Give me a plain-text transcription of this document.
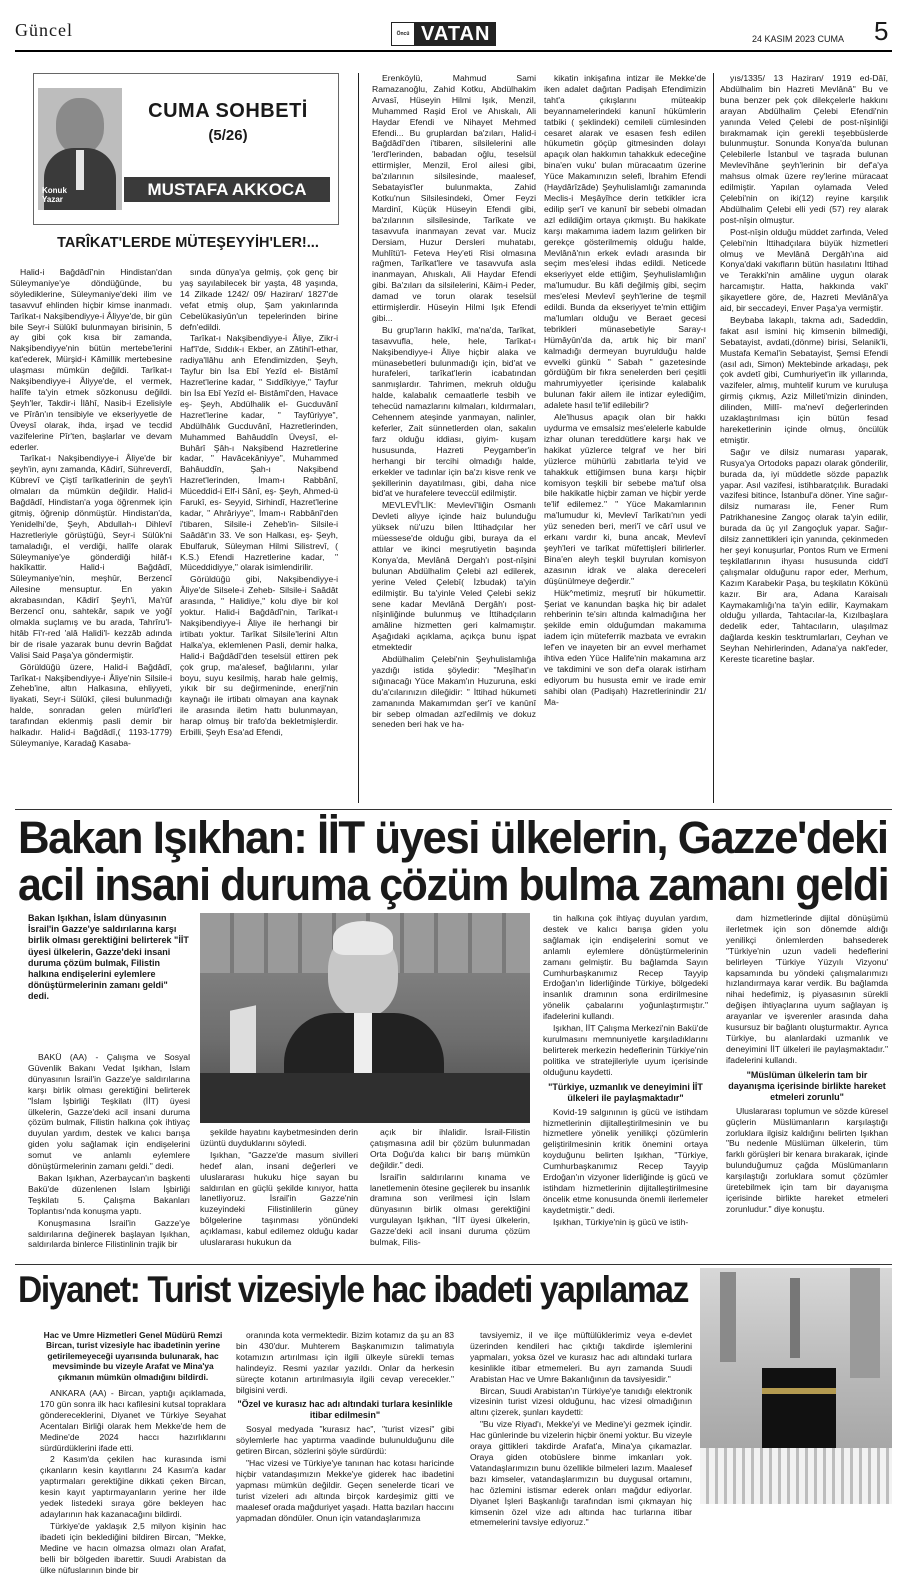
Güncel	Öncü VATAN	24 KASIM 2023 CUMA 5
Konuk
Yazar
CUMA SOHBETİ
(5/26)
MUSTAFA AKKOCA
TARÎKAT'LERDE MÜTEŞEYYİH'LER!...

Halid-i Bağdâdî'nin Hindistan'dan Süleymaniye'ye döndüğünde, bu söylediklerine, Süleymaniye'deki ilim ve tasavvuf ehlinden hiçbir kimse inanmadı. Tarîkat-ı Nakşibendiyye-i Âliyye'de, bir gün bile Seyr-i Sülûkî bulunmayan birisinin, 5 ay gibi çok kısa bir zamanda, Nakşibendiyye'nin bütün mertebe'lerini kat'ederek, Mürşid-i Kâmillik mertebesine ulaşması mümkün değildi. Tarîkat-ı Nakşibendiyye-i Âliyye'de, el vermek, halîfe ta'yin etmek sözkonusu değildi. Şeyh'ler, Takdir-i İlâhî, Nasib-i Ezelisiyle ve Pîrân'ın tensibiyle ve ekseriyyetle de Üveysî olarak, ihda, irşad ve tecdid vazifelerine Pîr'ten, başlarlar ve devam ederler.

Tarîkat-ı Nakşibendiyye-i Âliye'de bir şeyh'in, aynı zamanda, Kâdirî, Sühreverdî, Kübrevî ve Çiştî tarîkatlerinin de şeyh'i olmaları da mümkün değildir. Halid-i Bağdâdî, Hindistan'a yoga öğrenmek için gitmiş, öğrenip dönmüştür. Hindistan'da, Yenidelhi'de, Şeyh, Abdullah-ı Dihlevî Hazretleriyle görüştüğü, Seyr-i Sülûk'ni tamaladığı, el verdiği, halîfe olarak Süleymaniye'ye gönderdiği hilâf-ı hakîkattir. Halid-i Bağdâdî, Süleymaniye'nin, meşhûr, Berzencî Ailesine mensuptur. En yakın akrabasından, Kâdirî Şeyh'i, Ma'rûf Berzencî onu, sahtekâr, sapık ve yoğî olmakla suçlamış ve bu arada, Tahrîru'l- hitâb Fî'r-red 'alâ Halidi'l- kezzâb adında bir de risale yazarak bunu devrin Bağdat Valisi Said Paşa'ya göndermiştir.

Görüldüğü üzere, Halid-i Bağdâdî, Tarîkat-ı Nakşibendiyye-i Âliye'nin Silsile-i Zeheb'ine, altın Halkasına, ehliyyeti, liyakati, Seyr-i Sülûkî, çilesi bulunmadığı halde, sonradan gelen mürîd'leri tarafından eklenmiş pasli demir bir halkadır. Halid-i Bağdâdî,( 1193-1779) Süleymaniye, Karadağ Kasaba-

sında dünya'ya gelmiş, çok genç bir yaş sayılabilecek bir yaşta, 48 yaşında, 14 Zilkade 1242/ 09/ Haziran/ 1827'de vefat etmiş olup, Şam yakınlarında Cebelükasiyûn'un tepelerinden birine defn'edildi.

Tarîkat-ı Nakşibendiyye-i Âliye, Zikr-i Haf'î'de, Sıddık-ı Ekber, an Zâtihi'l-ethar, radiya'llâhu anh Efendimizden, Şeyh, Tayfur bin İsa Ebî Yezîd el- Bistâmî Hazret'lerine kadar, " Sıddîkiyye," Tayfur bin İsa Ebî Yezîd el- Bistâmî'den, Havace eş- Şeyh, Abdülhalik el- Gucduvânî Hazret'lerine kadar, " Tayfûriyye", Abdülhâlık Gucduvânî, Hazretlerinden, Muhammed Bahâuddîn Üveysî, el- Buhârî Şâh-ı Nakşibend Hazretlerine kadar, " Havâcekâniyye", Muhammed Bahâuddîn, Şah-ı Nakşibend Hazret'lerinden, İmam-ı Rabbânî, Müceddid-i Elf-i Sânî, eş- Şeyh, Ahmed-ü Farukî, es- Seyyid, Sirhindî, Hazret'lerine kadar, " Ahrâriyye", İmam-ı Rabbânî'den i'tibaren, Silsile-i Zeheb'in- Silsile-i Saâdât'ın 33. Ve son Halkası, eş- Şeyh, Ebulfaruk, Süleyman Hilmi Silistrevî, ( K.S.) Efendi Hazretlerine kadar, " Müceddidiyye," olarak isimlendirilir.

Görüldüğü gibi, Nakşibendiyye-i Âliye'de Silsele-i Zeheb- Silsile-i Saâdât arasında, " Halidiye," kolu diye bir kol yoktur. Halid-i Bağdâdî'nin, Tarîkat-ı Nakşibendiyye-i Âliye ile herhangi bir irtibatı yoktur. Tarîkat Silsile'lerini Altın Halka'ya, eklemlenen Pasli, demir halka, Halid-i Bağdâdî'den teselsül ettiren pek çok grup, ma'alesef, bağlılarını, yılar boyu, suyu kesilmiş, harab hale gelmiş, yıkık bir su değirmeninde, enerji'nin kaynağı ile irtibatı olmayan ana kaynak ile arasında iletim hattı bulunmayan, harap olmuş bir trafo'da bekletmişlerdir. Erbilli, Şeyh Esa'ad Efendi,

Erenköylü, Mahmud Sami Ramazanoğlu, Zahid Kotku, Abdülhakim Arvasî, Hüseyin Hilmi Işık, Menzil, Muhammed Raşid Erol ve Ahıskalı, Ali Haydar Efendi ve Nihayet Mehmed Efendi... Bu gruplardan ba'zıları, Halid-i Bağdâdî'den i'tibaren, silsilelerini alle 'lerd'lerinden, babadan oğlu, teselsül ettirmişler, Menzil, Erol ailesi gibi, ba'zılarının silsilesinde, maalesef, Sebatayist'ler bulunmakta, Zahid Kotku'nun Silsilesindeki, Ömer Feyzi Mardinî, Küçük Hüseyin Efendi gibi, ba'zılarının silsilesinde, Tarîkate ve tasavvufa inanmayan zevat var. Muciz Dersiam, Huzur Dersleri muhatabı, Muhlîtü'l- Feteva Hey'eti Risi olmasına rağmen, Tarîkat'lere ve tasavvufa asla inanmayan, Ahıskalı, Ali Haydar Efendi gibi. Ba'zıları da silsilelerini, Kâim-i Peder, damad ve torun olarak teselsül ettirmişlerdir. Hüseyin Hilmi Işık Efendi gibi...

Bu grup'ların hakîkî, ma'na'da, Tarîkat, tasavvufla, hele, hele, Tarîkat-ı Nakşibendiyye-i Âliye hiçbir alaka ve münasebetleri bulunmadığı için, bid'at ve hurafeleri, tarîkat'lerin icabatından sanmışlardır. Tahrimen, mekruh olduğu halde, kalabalık cemaatlerle tesbih ve tehecüd namazlarını kılmaları, kıldırmaları, Cehennem ateşinde yanmayan, nalinler, keferler, Zait sünnetlerden olan, sakalın farz olduğu iddiası, giyim- kuşam hususunda, Hazreti Peygamber'in herhangi bir tercihi olmadığı halde, erkekler ve tadınlar için ba'zı kisve renk ve şekillerinin dayatılması, gibi, daha nice bid'at ve hurafelere teveccül edilmiştir.

MEVLEVÎ'LİK: Mevlevî'liğin Osmanlı Devleti aliyye içinde haiz bulunduğu yüksek nü'uzu bilen İttihadçılar her müessese'de olduğu gibi, buraya da el attılar ve ikinci meşrutiyetin başında Konya'da, Mevlânâ Dergah'ı post-nîşini bulunan Abdülhalim Çelebi azl edilerek, yerine Veled Çelebî( İzbudak) ta'yin edilmiştir. Bu ta'yinle Veled Çelebi sekiz sene kadar Mevlânâ Dergâh'ı post- nîşinliğinde bulunmuş ve İttihadçıların amâline hizmetten geri kalmamıştır. Aşağıdaki açıklama, açıkça bunu işpat etmektedir

Abdülhalim Çelebi'nin Şeyhulislamlığa yazdığı istida şöyledir: "Meşîhat'ın sığınacağı Yüce Makam'ın Huzuruna, eski du'a'cılarınızın dileğidir: " İttihad hükumeti zamanında Makamımdan şer'î ve kanûnî bir sebep olmadan azl'edilmiş ve dokuz seneden beri hak ve ha-

kikatin inkişafına intizar ile Mekke'de iken adalet dağıtan Padişah Efendimizin taht'a çıkışlarını müteakip beyannamelerindeki kanunî hükümlerin tatbiki ( şeklindeki) cemileli cümlesinden cesaret alarak ve esasen fesh edilen hükumetin göçüp gitmesinden dolayı apaçık olan hakkımın tahakkuk edeceğine bina'en vuku' bulan müracaatım üzerine Yüce Makamınızın selefi, İbrahim Efendi (Haydârîzâde) Şeyhulislamlığı zamanında Meclis-i Meşâyîhce derin tetkikler icra edilip şer'î ve kanunî bir sebebi olmadan azl edildiğim ortaya çıkmıştı. Bu hakikate karşı makamıma iadem lazım gelirken bir gerekçe gösterilmemiş olduğu halde, Mevlânâ'nın erkek evladı arasında bir seçim mes'elesi ihdas edildi. Neticede ekseriyyet elde ettiğim, Şeyhulislamlığın ma'lumudur. Bu kâfi değilmiş gibi, seçim mes'elesi Mevlevî şeyh'lerine de teşmil edildi. Bunda da ekseriyyet te'min ettiğim ma'lumları olduğu ve Beraet gecesi tebrikleri münasebetiyle Saray-ı Hümâyûn'da da, artık hiç bir mani' kalmadığı dermeyan buyrulduğu halde evvelki günkü " Sabah " gazetesinde gördüğüm bir fıkra senelerden beri çeşitli mahrumiyyetler içerisinde kalabalık bulunan fakir ailem ile intizar eylediğim, adalete hasıl te'lif edilebilir?

Ale'lhusus apaçık olan bir hakkı uydurma ve emsalsiz mes'elelerle kabulde izhar olunan tereddütlere karşı hak ve hakikat yüzlerce telgraf ve her biri yüzlerce mühürlü zabıtlarla te'yid ve tahakkuk ettiğimsen buna karşı hiçbir komisyon teşkili bir sebebe ma'tuf olsa bile hakikatle hiçbir zaman ve hiçbir yerde te'lif edilemez." " Yüce Makamlarının ma'lumudur ki, Mevlevî Tarîkatı'nın yedi yüz seneden beri, meri'î ve cârî usul ve erkanı vardır ki, buna ancak, Mevlevî şeyh'leri ve tarîkat müfettişleri bilirlerler. Bina'en aleyh teşkil buyrulan komisyon azasının idrak ve alaka dereceleri düşünülmeye değerdir."

Hük^metimiz, meşrutî bir hükumettir. Şeriat ve kanundan başka hiç bir adalet rehberinin te'sirı altında kalmadığına her şekilde emin olduğumdan makamıma iadem için müteferrik mazbata ve evrakın lef'en ve inayeten bir an evvel merhamet ihtiva eden Yüce Halife'nin makamına arz ve takdimini ve son def'a olarak istirham ediyorum bu hususta emir ve irade emir sahibi olan (Padişah) Hazretlerinindir 21/ Ma-

yıs/1335/ 13 Haziran/ 1919 ed-Dâî, Abdülhalim bin Hazreti Mevlânâ" Bu ve buna benzer pek çok dilekçelerle hakkını arayan Abdülhalim Çelebi Efendi'nin yanında Veled Çelebi de post-nîşinliği bırakmamak için gerekli teşebbüslerde bulunmuştur. Sonunda Konya'da bulunan Çelebilerle İstanbul ve taşrada bulunan Mevlevîhâne şeyh'lerinin bir def'a'ya mahsus olmak üzere rey'lerine müracaat edilmiştir. Yapılan oylamada Veled Çelebi'nin on iki(12) reyine karşılık Abdülhalim Çelebi elli yedi (57) rey alarak post-nîşin olmuştur.

Post-nîşin olduğu müddet zarfında, Veled Çelebi'nin İttihadçılara büyük hizmetleri olmuş ve Mevlânâ Dergâh'ına aid Konya'daki vakıfların bütün hasılatını İttihad ve Terakki'nin amâline uygun olarak harcamıştır. Hatta, hakkında vakî' şikayetlere göre, de, Hazreti Mevlânâ'ya aid, bir seccadeyi, Enver Paşa'ya vermiştir.

Beybaba lakaplı, takma adı, Sadeddin, fakat asıl ismini hiç kimsenin bilmediği, Sebatayist, avdati,(dönme) birisi, Selanik'li, Mustafa Kemal'in Sebatayist, Şemsi Efendi (asıl adı, Simon) Mektebinde arkadaşı, pek çok avdetî gibi, Cumhuriyet'in ilk yıllarında, vazifeler, almış, muhtelif kurum ve kuruluşa girmiş çıkmış, Aziz Milleti'mizin dininden, dilinden, Millî- ma'nevî değerlerinden uzaklaştırılması için bütün fesad hareketlerinin içinde olmuş, öncülük etmiştir.

Sağır ve dilsiz numarası yaparak, Rusya'ya Ortodoks papazı olarak gönderilir, burada da, iyi müddetle sözde papazlık yapar. Asıl vazifesi, istihbaratçılık. Buradaki vazifesi bitince, İstanbul'a döner. Yine sağır-dilsiz numarası ile, Fener Rum Patrikhanesine Zangoç olarak ta'yin edilir, burada da üç yıl Zangoçluk yapar. Sağır-dilsiz zannettikleri için yanında, çekinmeden her şeyi konuşurlar, Pontos Rum ve Ermeni teşkilatlarının ihyası hususunda cidd'î çalışmalar olduğunu rapor eder, Merhum, Kazım Karabekir Paşa, bu teşkilatın Kökünü kazır. Bir ara, Adana Karaisalı Kaymakamlığı'na ta'yin edilir, Kaymakam olduğu yıllarda, Tahtacılar-la, Kızılbaşlara dedelik eder, Tahtacıların, ulaşılmaz dağlarda keskin tesktrumlarları, Ceyhan ve Seyhan Nehirlerinden, Adana'ya nakl'eder, Kereste ticaretine başlar.

Bakan Işıkhan: İİT üyesi ülkelerin, Gazze'deki
acil insani duruma çözüm bulma zamanı geldi
Bakan Işıkhan, İslam dünyasının İsrail'in Gazze'ye saldırılarına karşı birlik olması gerektiğini belirterek "İİT üyesi ülkelerin, Gazze'deki insani duruma çözüm bulmak, Filistin halkına endişelerini eylemlere dönüştürmelerinin zamanı geldi" dedi.

BAKÜ (AA) - Çalışma ve Sosyal Güvenlik Bakanı Vedat Işıkhan, İslam dünyasının İsrail'in Gazze'ye saldırılarına karşı birlik olması gerektiğini belirterek "İslam İşbirliği Teşkilatı (İİT) üyesi ülkelerin, Gazze'deki acil insani duruma çözüm bulmak, Filistin halkına çok ihtiyaç duyulan yardım, destek ve kalıcı barışa giden yolu sağlamak için endişelerini somut ve anlamlı eylemlere dönüştürmelerinin zamanı geldi." dedi.

Bakan Işıkhan, Azerbaycan'ın başkenti Bakü'de düzenlenen İslam İşbirliği Teşkilatı 5. Çalışma Bakanları Toplantısı'nda konuşma yaptı.

Konuşmasına İsrail'in Gazze'ye saldırılarına değinerek başlayan Işıkhan, saldırılarda binlerce Filistinlinin trajik bir

şekilde hayatını kaybetmesinden derin üzüntü duyduklarını söyledi.

Işıkhan, "Gazze'de masum sivilleri hedef alan, insani değerleri ve uluslararası hukuku hiçe sayan bu saldırılan en güçlü şekilde kınıyor, hatta lanetliyoruz. İsrail'in Gazze'nin kuzeyindeki Filistinlilerin güney bölgelerine taşınması yönündeki açıklaması, kabul edilemez olduğu kadar uluslararası hukukun da

açık bir ihlalidir. İsrail-Filistin çatışmasına adil bir çözüm bulunmadan Orta Doğu'da kalıcı bir barış mümkün değildir." dedi.

İsrail'in saldırılarını kınama ve lanetlemenin ötesine geçilerek bu insanlık dramına son verilmesi için İslam dünyasının birlik olması gerektiğini vurgulayan Işıkhan, "İİT üyesi ülkelerin, Gazze'deki acil insani duruma çözüm bulmak, Filis-

tin halkına çok ihtiyaç duyulan yardım, destek ve kalıcı barışa giden yolu sağlamak için endişelerini somut ve anlamlı eylemlere dönüştürmelerinin zamanı gelmiştir. Bu bağlamda Sayın Cumhurbaşkanımız Recep Tayyip Erdoğan'ın liderliğinde Türkiye, bölgedeki insanlık dramının sona erdirilmesine yönelik çabalarını yoğunlaştırmıştır." ifadelerini kullandı.

Işıkhan, İİT Çalışma Merkezi'nin Bakü'de kurulmasını memnuniyetle karşıladıklarını belirterek merkezin hedeflerinin Türkiye'nin politika ve stratejileriyle uyum içerisinde olduğunu kaydetti.

"Türkiye, uzmanlık ve deneyimini İİT ülkeleri ile paylaşmaktadır"

Kovid-19 salgınının iş gücü ve istihdam hizmetlerinin dijitalleştirilmesinin ve bu hizmetlere yönelik yenilikçi çözümlerin geliştirilmesinin kritik önemini ortaya koyduğunu belirten Işıkhan, "Türkiye, Cumhurbaşkanımız Recep Tayyip Erdoğan'ın vizyoner liderliğinde iş gücü ve istihdam hizmetlerinin dijitalleştirilmesine öncelik etme konusunda önemli ilerlemeler kaydetmiştir." dedi.

Işıkhan, Türkiye'nin iş gücü ve istih-

dam hizmetlerinde dijital dönüşümü ilerletmek için son dönemde aldığı yenilikçi önlemlerden bahsederek "Türkiye'nin uzun vadeli hedeflerini belirleyen 'Türkiye Yüzyılı Vizyonu' kapsamında bu yöndeki çalışmalarımızı hızlandırmaya karar verdik. Bu bağlamda nihai hedefimiz, iş piyasasının sürekli değişen ihtiyaçlarına uyum sağlayan iş arayanlar ve işverenler arasında daha kusursuz bir bağlantı oluşturmaktır. Ayrıca Türkiye, bu alanlardaki uzmanlık ve deneyimini İİT ülkeleri ile paylaşmaktadır." ifadelerini kullandı.

"Müslüman ülkelerin tam bir dayanışma içerisinde birlikte hareket etmeleri zorunlu"

Uluslararası toplumun ve sözde küresel güçlerin Müslümanların karşılaştığı zorluklara ilgisiz kaldığını belirten Işıkhan "Bu nedenle Müslüman ülkelerin, tüm farklı görüşleri bir kenara bırakarak, içinde bulunduğumuz çağda Müslümanların karşılaştığı zorluklara somut çözümler üretebilmek için tam bir dayanışma içerisinde birlikte hareket etmeleri zorunludur." diye konuştu.

Diyanet: Turist vizesiyle hac ibadeti yapılamaz
Hac ve Umre Hizmetleri Genel Müdürü Remzi Bircan, turist vizesiyle hac ibadetinin yerine getirilemeyeceği uyarısında bulunarak, hac mevsiminde bu vizeyle Arafat ve Mina'ya çıkmanın mümkün olmadığını bildirdi.

ANKARA (AA) - Bircan, yaptığı açıklamada, 170 gün sonra ilk hacı kafilesini kutsal topraklara göndereceklerini, Diyanet ve Türkiye Seyahat Acentaları Birliği olarak hem Mekke'de hem de Medine'de 2024 haccı hazırlıklarını sürdürdüklerini ifade etti.

2 Kasım'da çekilen hac kurasında ismi çıkanların kesin kayıtlarını 24 Kasım'a kadar yaptırmaları gerektiğine dikkati çeken Bircan, kesin kayıt yaptırmayanların yerine her ilde yedek listedeki sıraya göre bekleyen hac adaylarının hak kazanacağını bildirdi.

Türkiye'de yaklaşık 2,5 milyon kişinin hac ibadeti için beklediğini bildiren Bircan, "Mekke, Medine ve hacın olmazsa olmazı olan Arafat, belli bir bölgeden ibarettir. Suudi Arabistan da ülke nüfuslarının binde bir

oranında kota vermektedir. Bizim kotamız da şu an 83 bin 430'dur. Muhterem Başkanımızın talimatıyla kotamızın artırılması için ilgili ülkeyle sürekli temas halindeyiz. Resmi yazılar yazıldı. Onlar da herkesin süreçte kotanın artırılmasıyla ilgili cevap verecekler." bilgisini verdi.

"Özel ve kurasız hac adı altındaki turlara kesinlikle itibar edilmesin"

Sosyal medyada "kurasız hac", "turist vizesi" gibi söylemlerle hac yaptırma vaadinde bulunulduğunu dile getiren Bircan, sözlerini şöyle sürdürdü:

"Hac vizesi ve Türkiye'ye tanınan hac kotası haricinde hiçbir vatandaşımızın Mekke'ye giderek hac ibadetini yapması mümkün değildir. Geçen senelerde ticari ve turist vizeleri adı altında birçok kardeşimiz gitti ve maalesef orada mağduriyet yaşadı. Hatta bazıları haccını yapmadan döndüler. Onun için vatandaşlarımıza

tavsiyemiz, il ve ilçe müftülüklerimiz veya e-devlet üzerinden kendileri hac çıktığı takdirde işlemlerini yapmaları, yoksa özel ve kurasız hac adı altındaki turlara kesinlikle itibar etmemeleri. Bu ayrı zamanda Suudi Arabistan Hac ve Umre Bakanlığının da tavsiyesidir."

Bircan, Suudi Arabistan'ın Türkiye'ye tanıdığı elektronik vizesinin turist vizesi olduğunu, hac vizesi olmadığının altını çizerek, şunları kaydetti:

"Bu vize Riyad'ı, Mekke'yi ve Medine'yi gezmek içindir. Hac günlerinde bu vizelerin hiçbir önemi yoktur. Bu vizeyle oraya gittikleri takdirde Arafat'a, Mina'ya çıkamazlar. Oraya giden otobüslere binme imkanları yok. Vatandaşlarımızın bunu özellikle bilmeleri lazım. Maalesef bazı kimseler, vatandaşlarımızın bu duygusal ortamını, hac özlemini istismar ederek onları mağdur ediyorlar. Diyanet İşleri Başkanlığı tarafından ismi çıkmayan hiç kimsenin özel vize adı altında hac turlarına itibar etmemelerini tavsiye ediyoruz."
